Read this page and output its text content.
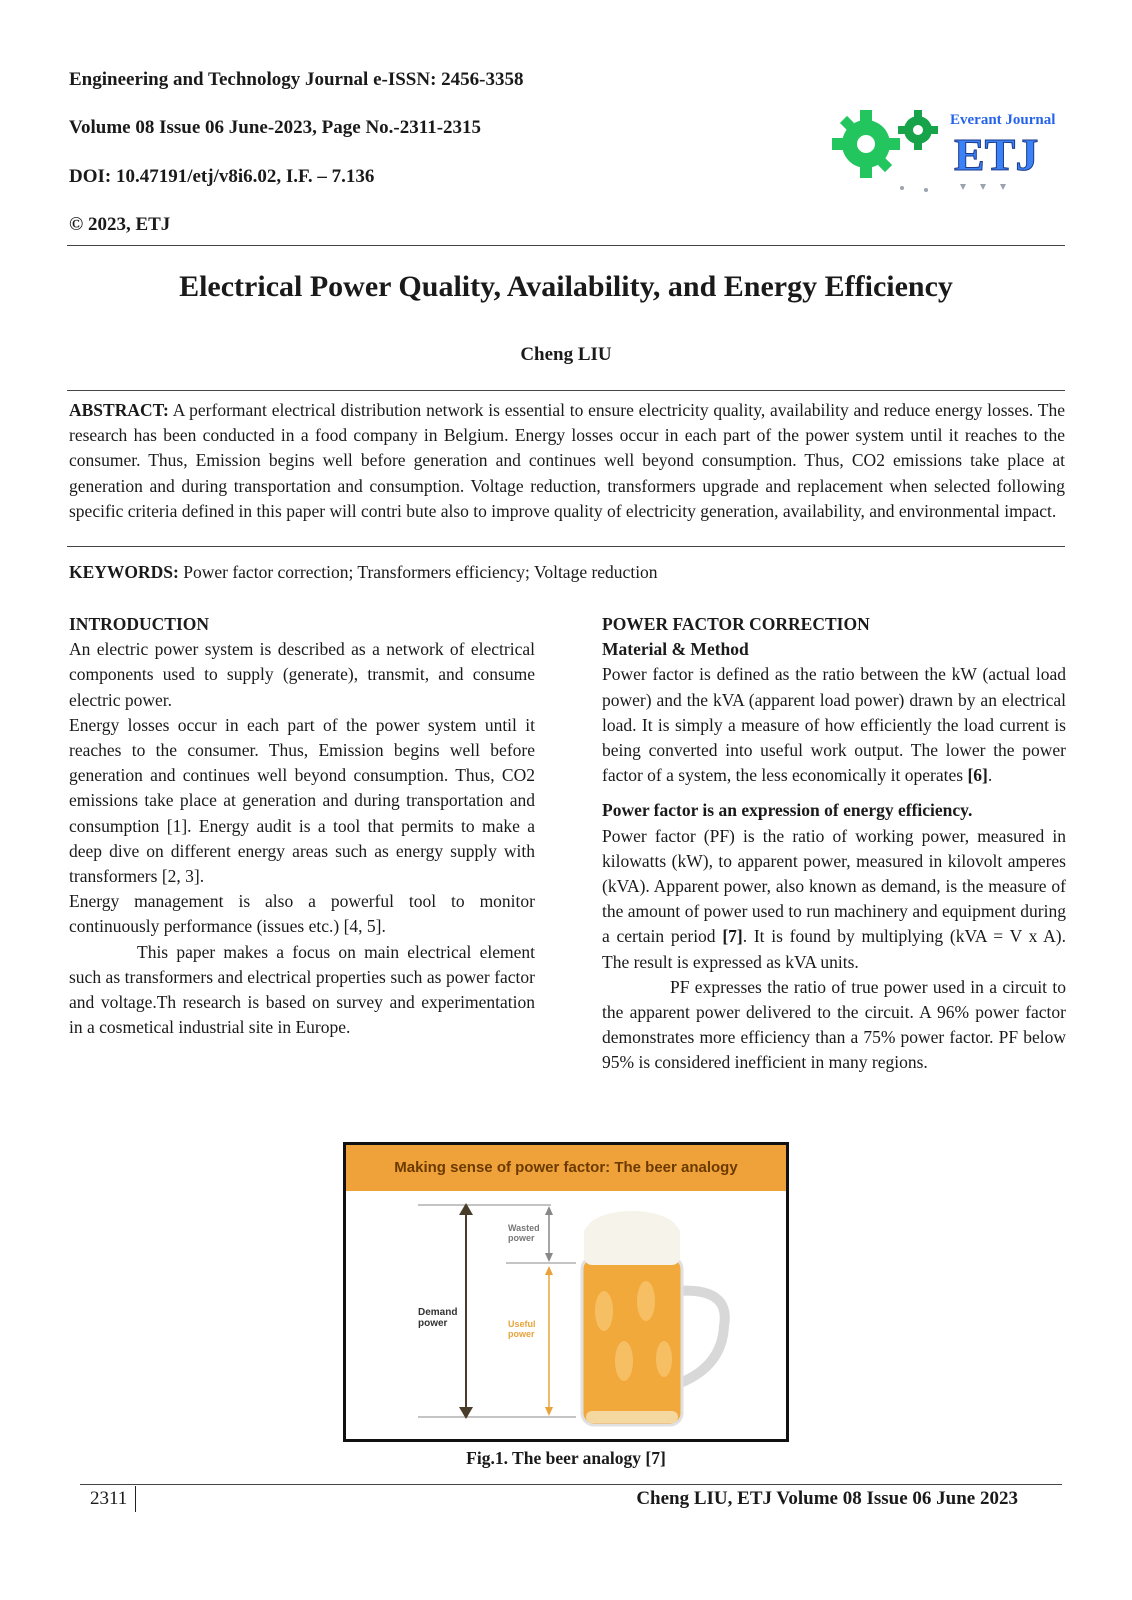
Engineering and Technology Journal e-ISSN: 2456-3358
Volume 08 Issue 06 June-2023, Page No.-2311-2315
DOI: 10.47191/etj/v8i6.02, I.F. – 7.136
© 2023, ETJ
Everant Journal
ETJ
Electrical Power Quality, Availability, and Energy Efficiency
Cheng LIU
ABSTRACT: A performant electrical distribution network is essential to ensure electricity quality, availability and reduce energy losses. The research has been conducted in a food company in Belgium. Energy losses occur in each part of the power system until it reaches to the consumer. Thus, Emission begins well before generation and continues well beyond consumption. Thus, CO2 emissions take place at generation and during transportation and consumption. Voltage reduction, transformers upgrade and replacement when selected following specific criteria defined in this paper will contri bute also to improve quality of electricity generation, availability, and environmental impact.
KEYWORDS: Power factor correction; Transformers efficiency; Voltage reduction
INTRODUCTION

An electric power system is described as a network of electrical components used to supply (generate), transmit, and consume electric power.

Energy losses occur in each part of the power system until it reaches to the consumer. Thus, Emission begins well before generation and continues well beyond consumption. Thus, CO2 emissions take place at generation and during transportation and consumption [1]. Energy audit is a tool that permits to make a deep dive on different energy areas such as energy supply with transformers [2, 3].

Energy management is also a powerful tool to monitor continuously performance (issues etc.) [4, 5].

This paper makes a focus on main electrical element such as transformers and electrical properties such as power factor and voltage.Th research is based on survey and experimentation in a cosmetical industrial site in Europe.

POWER FACTOR CORRECTION
Material & Method

Power factor is defined as the ratio between the kW (actual load power) and the kVA (apparent load power) drawn by an electrical load. It is simply a measure of how efficiently the load current is being converted into useful work output. The lower the power factor of a system, the less economically it operates [6].

Power factor is an expression of energy efficiency.

Power factor (PF) is the ratio of working power, measured in kilowatts (kW), to apparent power, measured in kilovolt amperes (kVA). Apparent power, also known as demand, is the measure of the amount of power used to run machinery and equipment during a certain period [7]. It is found by multiplying (kVA = V x A). The result is expressed as kVA units.

PF expresses the ratio of true power used in a circuit to the apparent power delivered to the circuit. A 96% power factor demonstrates more efficiency than a 75% power factor. PF below 95% is considered inefficient in many regions.

Making sense of power factor: The beer analogy
Demand
power
Wasted
power
Useful
power
Fig.1. The beer analogy [7]
2311	Cheng LIU, ETJ Volume 08 Issue 06 June 2023
